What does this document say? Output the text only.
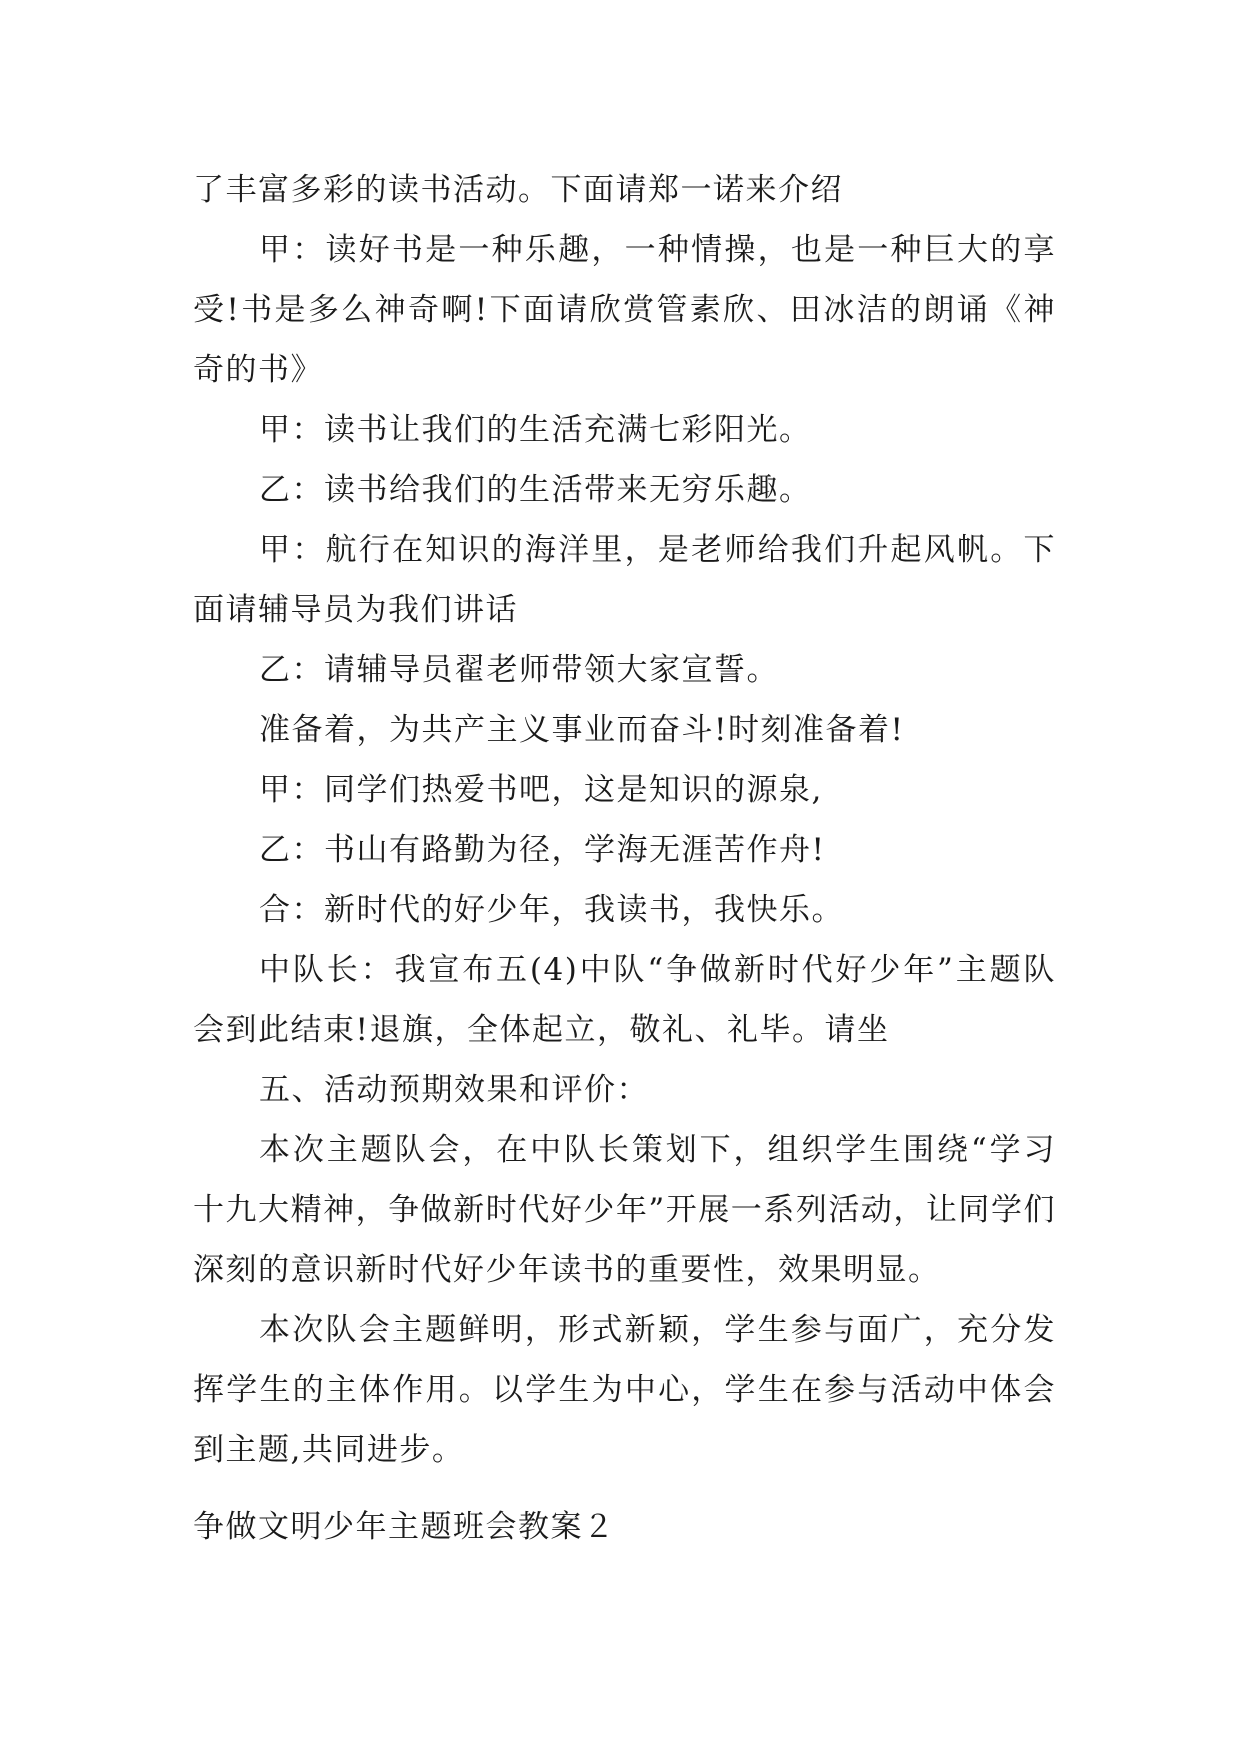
了丰富多彩的读书活动。下面请郑一诺来介绍

甲：读好书是一种乐趣，一种情操，也是一种巨大的享受!书是多么神奇啊!下面请欣赏管素欣、田冰洁的朗诵《神奇的书》

甲：读书让我们的生活充满七彩阳光。

乙：读书给我们的生活带来无穷乐趣。

甲：航行在知识的海洋里，是老师给我们升起风帆。下面请辅导员为我们讲话

乙：请辅导员翟老师带领大家宣誓。

准备着，为共产主义事业而奋斗!时刻准备着!

甲：同学们热爱书吧，这是知识的源泉,

乙：书山有路勤为径，学海无涯苦作舟!

合：新时代的好少年，我读书，我快乐。

中队长：我宣布五(4)中队“争做新时代好少年”主题队会到此结束!退旗，全体起立，敬礼、礼毕。请坐

五、活动预期效果和评价：

本次主题队会，在中队长策划下，组织学生围绕“学习十九大精神，争做新时代好少年”开展一系列活动，让同学们深刻的意识新时代好少年读书的重要性，效果明显。

本次队会主题鲜明，形式新颖，学生参与面广，充分发挥学生的主体作用。以学生为中心，学生在参与活动中体会到主题,共同进步。

争做文明少年主题班会教案２
